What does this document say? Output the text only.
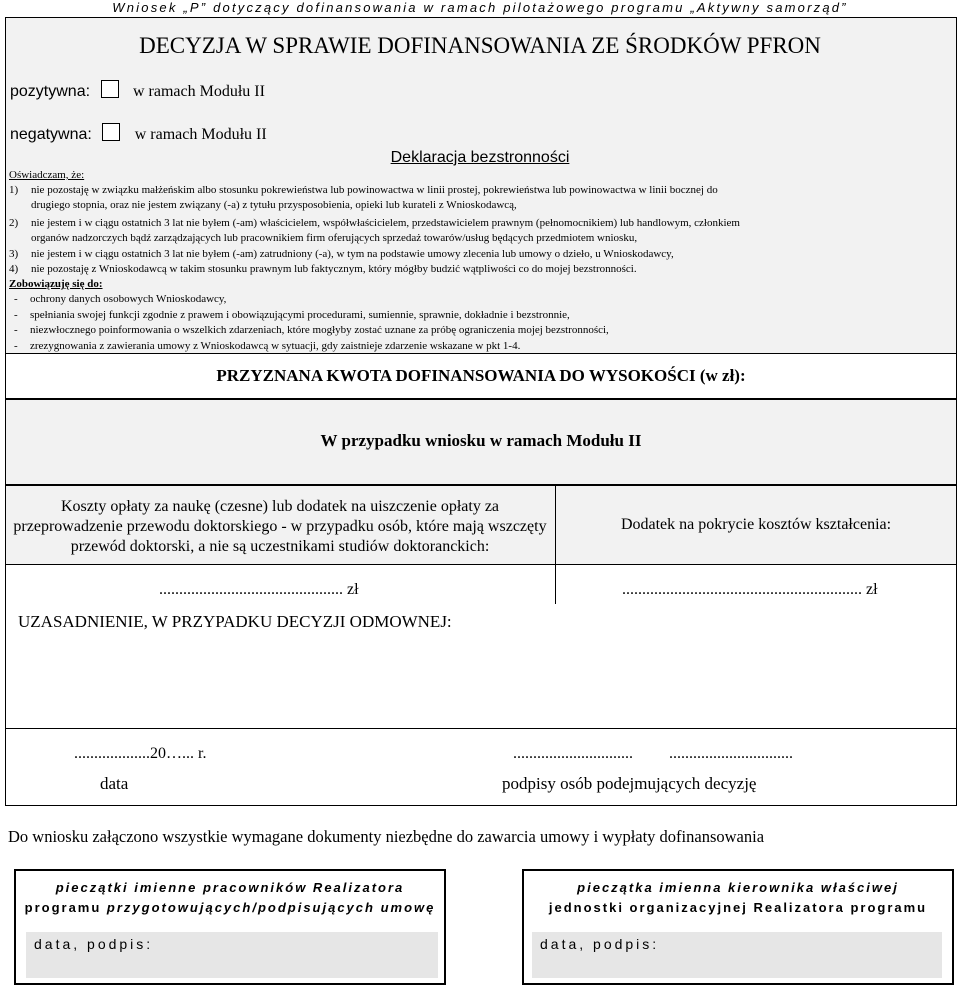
Wniosek „P” dotyczący dofinansowania w ramach pilotażowego programu „Aktywny samorząd”
DECYZJA W SPRAWIE DOFINANSOWANIA ZE ŚRODKÓW PFRON
pozytywna:	w ramach Modułu II
negatywna:	w ramach Modułu II
Deklaracja bezstronności
Oświadczam, że:
1)	nie pozostaję w związku małżeńskim albo stosunku pokrewieństwa lub powinowactwa w linii prostej, pokrewieństwa lub powinowactwa w linii bocznej do
drugiego stopnia, oraz nie jestem związany (-a) z tytułu przysposobienia, opieki lub kurateli z Wnioskodawcą,
2)	nie jestem i w ciągu ostatnich 3 lat nie byłem (-am) właścicielem, współwłaścicielem, przedstawicielem prawnym (pełnomocnikiem) lub handlowym, członkiem
organów nadzorczych bądź zarządzających lub pracownikiem firm oferujących sprzedaż towarów/usług będących przedmiotem wniosku,
3)	nie jestem i w ciągu ostatnich 3 lat nie byłem (-am) zatrudniony (-a), w tym na podstawie umowy zlecenia lub umowy o dzieło, u Wnioskodawcy,
4)	nie pozostaję z Wnioskodawcą w takim stosunku prawnym lub faktycznym, który mógłby budzić wątpliwości co do mojej bezstronności.
Zobowiązuję się do:
- ochrony danych osobowych Wnioskodawcy,
- spełniania swojej funkcji zgodnie z prawem i obowiązującymi procedurami, sumiennie, sprawnie, dokładnie i bezstronnie,
- niezwłocznego poinformowania o wszelkich zdarzeniach, które mogłyby zostać uznane za próbę ograniczenia mojej bezstronności,
- zrezygnowania z zawierania umowy z Wnioskodawcą w sytuacji, gdy zaistnieje zdarzenie wskazane w pkt 1-4.
PRZYZNANA KWOTA DOFINANSOWANIA DO WYSOKOŚCI (w zł):
W przypadku wniosku w ramach Modułu II
Koszty opłaty za naukę (czesne) lub dodatek na uiszczenie opłaty za przeprowadzenie przewodu doktorskiego - w przypadku osób, które mają wszczęty przewód doktorski, a nie są uczestnikami studiów doktoranckich:
Dodatek na pokrycie kosztów kształcenia:
.............................................. zł	............................................................ zł
UZASADNIENIE, W PRZYPADKU DECYZJI ODMOWNEJ:
...................20…... r.
data
.............................. ...............................
podpisy osób podejmujących decyzję
Do wniosku załączono wszystkie wymagane dokumenty niezbędne do zawarcia umowy i wypłaty dofinansowania
pieczątki imienne pracowników Realizatora
programu przygotowujących/podpisujących umowę
data, podpis:
pieczątka imienna kierownika właściwej
jednostki organizacyjnej Realizatora programu
data, podpis:
